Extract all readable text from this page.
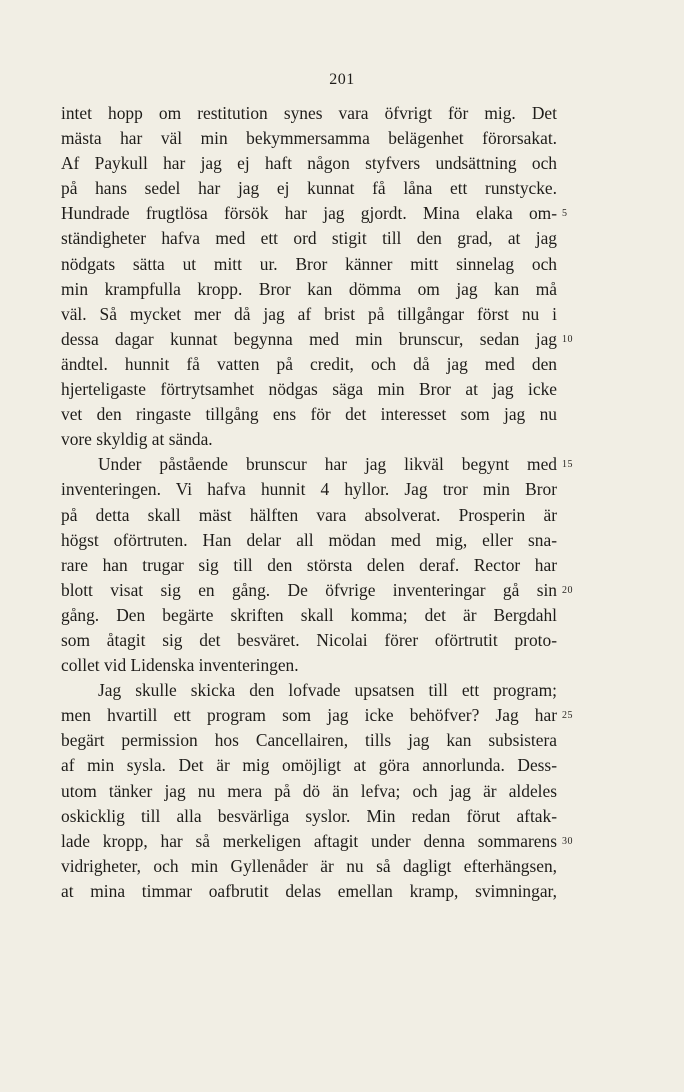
201
intet hopp om restitution synes vara öfvrigt för mig. Det
mästa har väl min bekymmersamma belägenhet förorsakat.
Af Paykull har jag ej haft någon styfvers undsättning och
på hans sedel har jag ej kunnat få låna ett runstycke.
Hundrade frugtlösa försök har jag gjordt. Mina elaka om-
ständigheter hafva med ett ord stigit till den grad, at jag
nödgats sätta ut mitt ur. Bror känner mitt sinnelag och
min krampfulla kropp. Bror kan dömma om jag kan må
väl. Så mycket mer då jag af brist på tillgångar först nu i
dessa dagar kunnat begynna med min brunscur, sedan jag
ändtel. hunnit få vatten på credit, och då jag med den
hjerteligaste förtrytsamhet nödgas säga min Bror at jag icke
vet den ringaste tillgång ens för det interesset som jag nu
vore skyldig at sända.
Under påstående brunscur har jag likväl begynt med
inventeringen. Vi hafva hunnit 4 hyllor. Jag tror min Bror
på detta skall mäst hälften vara absolverat. Prosperin är
högst oförtruten. Han delar all mödan med mig, eller sna-
rare han trugar sig till den största delen deraf. Rector har
blott visat sig en gång. De öfvrige inventeringar gå sin
gång. Den begärte skriften skall komma; det är Bergdahl
som åtagit sig det besväret. Nicolai förer oförtrutit proto-
collet vid Lidenska inventeringen.
Jag skulle skicka den lofvade upsatsen till ett program;
men hvartill ett program som jag icke behöfver? Jag har
begärt permission hos Cancellairen, tills jag kan subsistera
af min sysla. Det är mig omöjligt at göra annorlunda. Dess-
utom tänker jag nu mera på dö än lefva; och jag är aldeles
oskicklig till alla besvärliga syslor. Min redan förut aftak-
lade kropp, har så merkeligen aftagit under denna sommarens
vidrigheter, och min Gyllenåder är nu så dagligt efterhängsen,
at mina timmar oafbrutit delas emellan kramp, svimningar,
5
10
15
20
25
30
